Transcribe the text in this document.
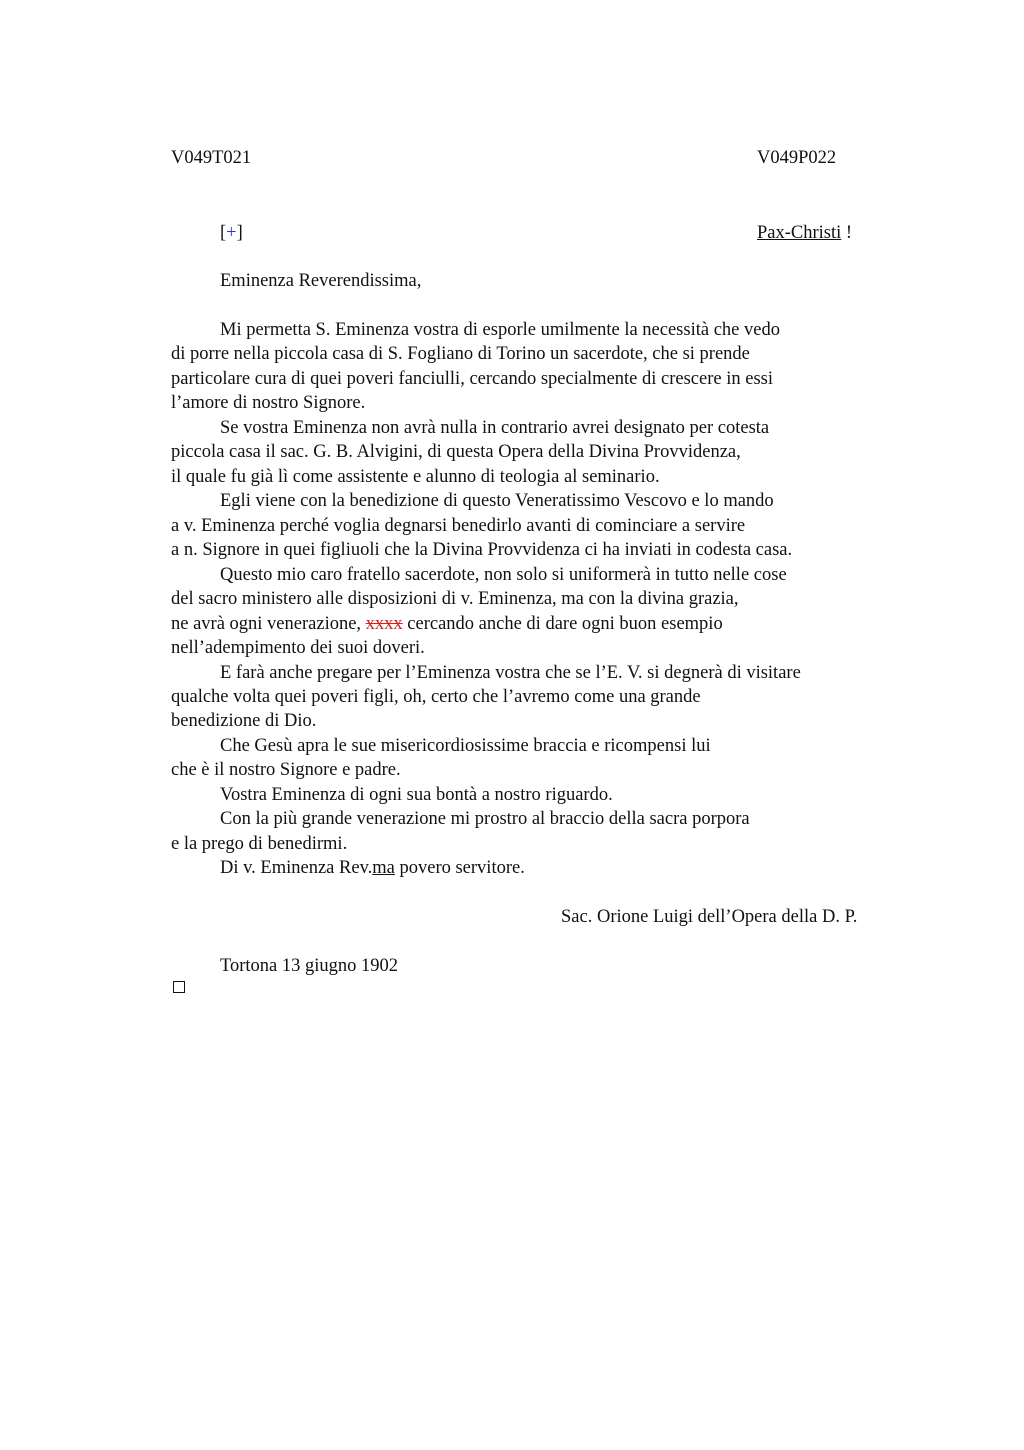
V049T021	V049P022
[+]	Pax-Christi !
Eminenza Reverendissima,
Mi permetta S. Eminenza vostra di esporle umilmente la necessità che vedo
di porre nella piccola casa di S. Fogliano di Torino un sacerdote, che si prende
particolare cura di quei poveri fanciulli, cercando specialmente di crescere in essi
l’amore di nostro Signore.
Se vostra Eminenza non avrà nulla in contrario avrei designato per cotesta
piccola casa il sac. G. B. Alvigini, di questa Opera della Divina Provvidenza,
il quale fu già lì come assistente e alunno di teologia al seminario.
Egli viene con la benedizione di questo Veneratissimo Vescovo e lo mando
a v. Eminenza perché voglia degnarsi benedirlo avanti di cominciare a servire
a n. Signore in quei figliuoli che la Divina Provvidenza ci ha inviati in codesta casa.
Questo mio caro fratello sacerdote, non solo si uniformerà in tutto nelle cose
del sacro ministero alle disposizioni di v. Eminenza, ma con la divina grazia,
ne avrà ogni venerazione, xxxx cercando anche di dare ogni buon esempio
nell’adempimento dei suoi doveri.
E farà anche pregare per l’Eminenza vostra che se l’E. V. si degnerà di visitare
qualche volta quei poveri figli, oh, certo che l’avremo come una grande
benedizione di Dio.
Che Gesù apra le sue misericordiosissime braccia e ricompensi lui
che è il nostro Signore e padre.
Vostra Eminenza di ogni sua bontà a nostro riguardo.
Con la più grande venerazione mi prostro al braccio della sacra porpora
e la prego di benedirmi.
Di v. Eminenza Rev.ma povero servitore.
Sac. Orione Luigi dell’Opera della D. P.
Tortona 13 giugno 1902
